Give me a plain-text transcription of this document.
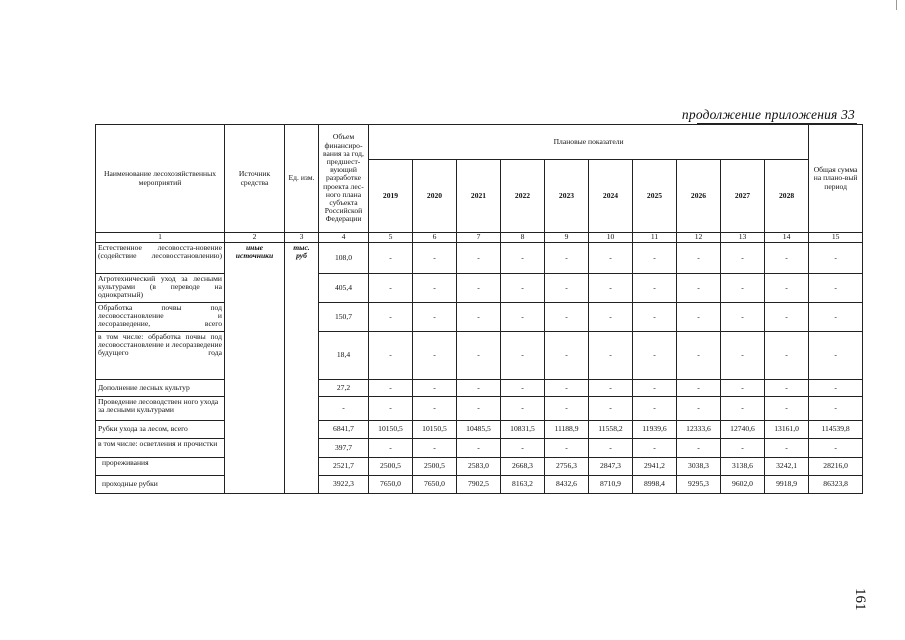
продолжение приложения 33
Наименование лесохозяйственных мероприятий	Источник средства	Ед. изм.	Объем финансиро-вания за год, предшест-вующий разработке проекта лес-ного плана субъекта Российской Федерации	Плановые показатели										Общая сумма на плано-вый период
				2019	2020	2021	2022	2023	2024	2025	2026	2027	2028	
1	2	3	4	5	6	7	8	9	10	11	12	13	14	15
Естественное лесовосста-новение (содействие лесовосстановлению)	иные источники	тыс. руб	108,0	-	-	-	-	-	-	-	-	-	-	-
Агротехнический уход за лесными культурами (в переводе на однократный)			405,4	-	-	-	-	-	-	-	-	-	-	-
Обработка почвы под лесовосстановление и лесоразведение, всего			150,7	-	-	-	-	-	-	-	-	-	-	-
в том числе: обработка почвы под лесовосстановление и лесоразведение будущего года			18,4	-	-	-	-	-	-	-	-	-	-	-
Дополнение лесных культур			27,2	-	-	-	-	-	-	-	-	-	-	-
Проведение лесоводствен ного ухода за лесными культурами			-	-	-	-	-	-	-	-	-	-	-	-
Рубки ухода за лесом, всего			6841,7	10150,5	10150,5	10485,5	10831,5	11188,9	11558,2	11939,6	12333,6	12740,6	13161,0	114539,8
в том числе: осветления и прочистки			397,7	-	-	-	-	-	-	-	-	-	-	-
прореживания			2521,7	2500,5	2500,5	2583,0	2668,3	2756,3	2847,3	2941,2	3038,3	3138,6	3242,1	28216,0
проходные рубки			3922,3	7650,0	7650,0	7902,5	8163,2	8432,6	8710,9	8998,4	9295,3	9602,0	9918,9	86323,8
161
